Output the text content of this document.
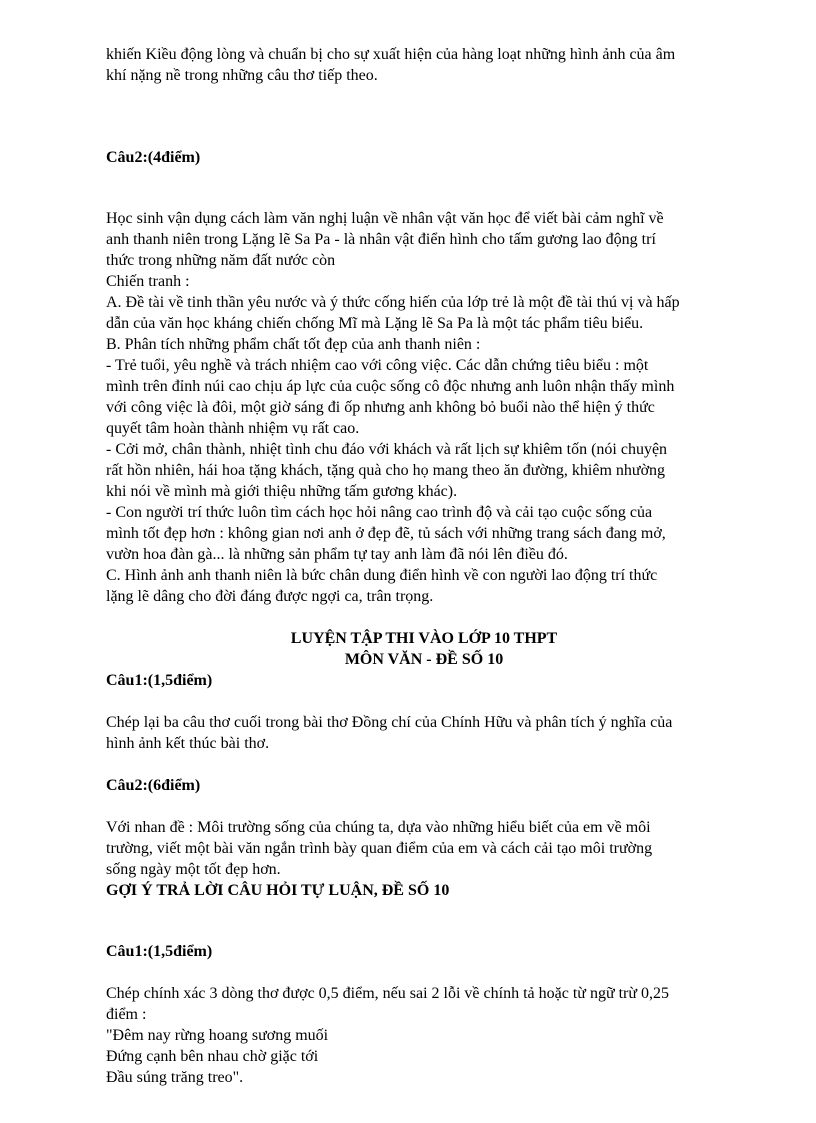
khiến Kiều động lòng và chuẩn bị cho sự xuất hiện của hàng loạt những hình ảnh của âm

khí nặng nề trong những câu thơ tiếp theo.

Câu2:(4điểm)

Học sinh vận dụng cách làm văn nghị luận về nhân vật văn học để viết bài cảm nghĩ về

anh thanh niên trong Lặng lẽ Sa Pa - là nhân vật điển hình cho tấm gương lao động trí

thức trong những năm đất nước còn

Chiến tranh :

A. Đề tài về tinh thần yêu nước và ý thức cống hiến của lớp trẻ là một đề tài thú vị và hấp

dẫn của văn học kháng chiến chống Mĩ mà Lặng lẽ Sa Pa là một tác phẩm tiêu biểu.

B. Phân tích những phẩm chất tốt đẹp của anh thanh niên :

- Trẻ tuổi, yêu nghề và trách nhiệm cao với công việc. Các dẫn chứng tiêu biểu : một

mình trên đỉnh núi cao chịu áp lực của cuộc sống cô độc nhưng anh luôn nhận thấy mình

với công việc là đôi, một giờ sáng đi ốp nhưng anh không bỏ buổi nào thể hiện ý thức

quyết tâm hoàn thành nhiệm vụ rất cao.

- Cởi mở, chân thành, nhiệt tình chu đáo với khách và rất lịch sự khiêm tốn (nói chuyện

rất hồn nhiên, hái hoa tặng khách, tặng quà cho họ mang theo ăn đường, khiêm nhường

khi nói về mình mà giới thiệu những tấm gương khác).

- Con người trí thức luôn tìm cách học hỏi nâng cao trình độ và cải tạo cuộc sống của

mình tốt đẹp hơn : không gian nơi anh ở đẹp đẽ, tủ sách với những trang sách đang mở,

vườn hoa đàn gà... là những sản phẩm tự tay anh làm đã nói lên điều đó.

C. Hình ảnh anh thanh niên là bức chân dung điển hình về con người lao động trí thức

lặng lẽ dâng cho đời đáng được ngợi ca, trân trọng.

LUYỆN TẬP THI VÀO LỚP 10 THPT

MÔN VĂN - ĐỀ SỐ 10

Câu1:(1,5điểm)

Chép lại ba câu thơ cuối trong bài thơ Đồng chí của Chính Hữu và phân tích ý nghĩa của

hình ảnh kết thúc bài thơ.

Câu2:(6điểm)

Với nhan đề : Môi trường sống của chúng ta, dựa vào những hiểu biết của em về môi

trường, viết một bài văn ngắn trình bày quan điểm của em và cách cải tạo môi trường

sống ngày một tốt đẹp hơn.

GỢI Ý TRẢ LỜI CÂU HỎI TỰ LUẬN, ĐỀ SỐ 10

Câu1:(1,5điểm)

Chép chính xác 3 dòng thơ được 0,5 điểm, nếu sai 2 lỗi về chính tả hoặc từ ngữ trừ 0,25

điểm :

"Đêm nay rừng hoang sương muối

Đứng cạnh bên nhau chờ giặc tới

Đầu súng trăng treo".
